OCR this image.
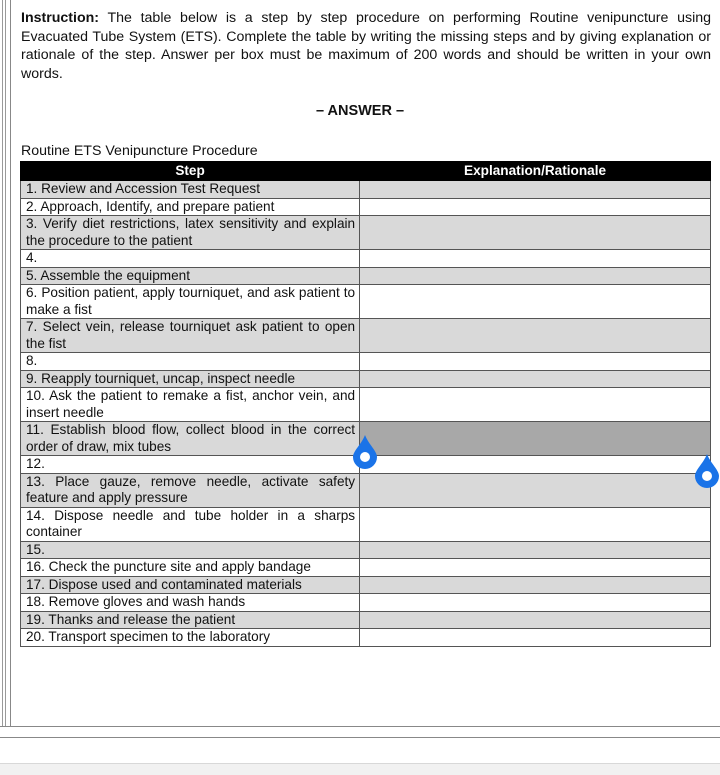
Instruction: The table below is a step by step procedure on performing Routine venipuncture using Evacuated Tube System (ETS). Complete the table by writing the missing steps and by giving explanation or rationale of the step. Answer per box must be maximum of 200 words and should be written in your own words.

– ANSWER –
Routine ETS Venipuncture Procedure
Step	Explanation/Rationale
1. Review and Accession Test Request	
2. Approach, Identify, and prepare patient	
3. Verify diet restrictions, latex sensitivity and explain the procedure to the patient	
4.	
5. Assemble the equipment	
6. Position patient, apply tourniquet, and ask patient to make a fist	
7. Select vein, release tourniquet ask patient to open the fist	
8.	
9. Reapply tourniquet, uncap, inspect needle	
10. Ask the patient to remake a fist, anchor vein, and insert needle	
11. Establish blood flow, collect blood in the correct order of draw, mix tubes	
12.	
13. Place gauze, remove needle, activate safety feature and apply pressure	
14. Dispose needle and tube holder in a sharps container	
15.	
16. Check the puncture site and apply bandage	
17. Dispose used and contaminated materials	
18. Remove gloves and wash hands	
19. Thanks and release the patient	
20. Transport specimen to the laboratory	
